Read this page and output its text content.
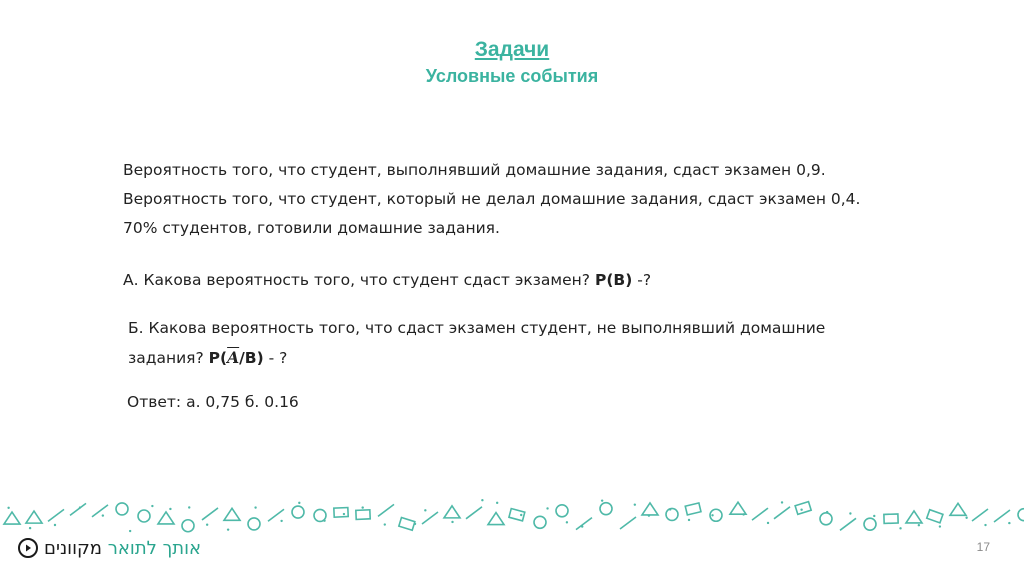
Задачи
Условные события
Вероятность того, что студент, выполнявший домашние задания, сдаст экзамен 0,9.
Вероятность того, что студент, который не делал домашние задания, сдаст экзамен 0,4.
70% студентов, готовили домашние задания.
А. Какова вероятность того, что студент сдаст экзамен? P(B) -?
Б. Какова вероятность того, что сдаст экзамен студент, не выполнявший домашние
задания? $P(\overline{A}/B)$ - ?
Ответ: а. 0,75 б. 0.16
אותך לתואר מקוונים	17
